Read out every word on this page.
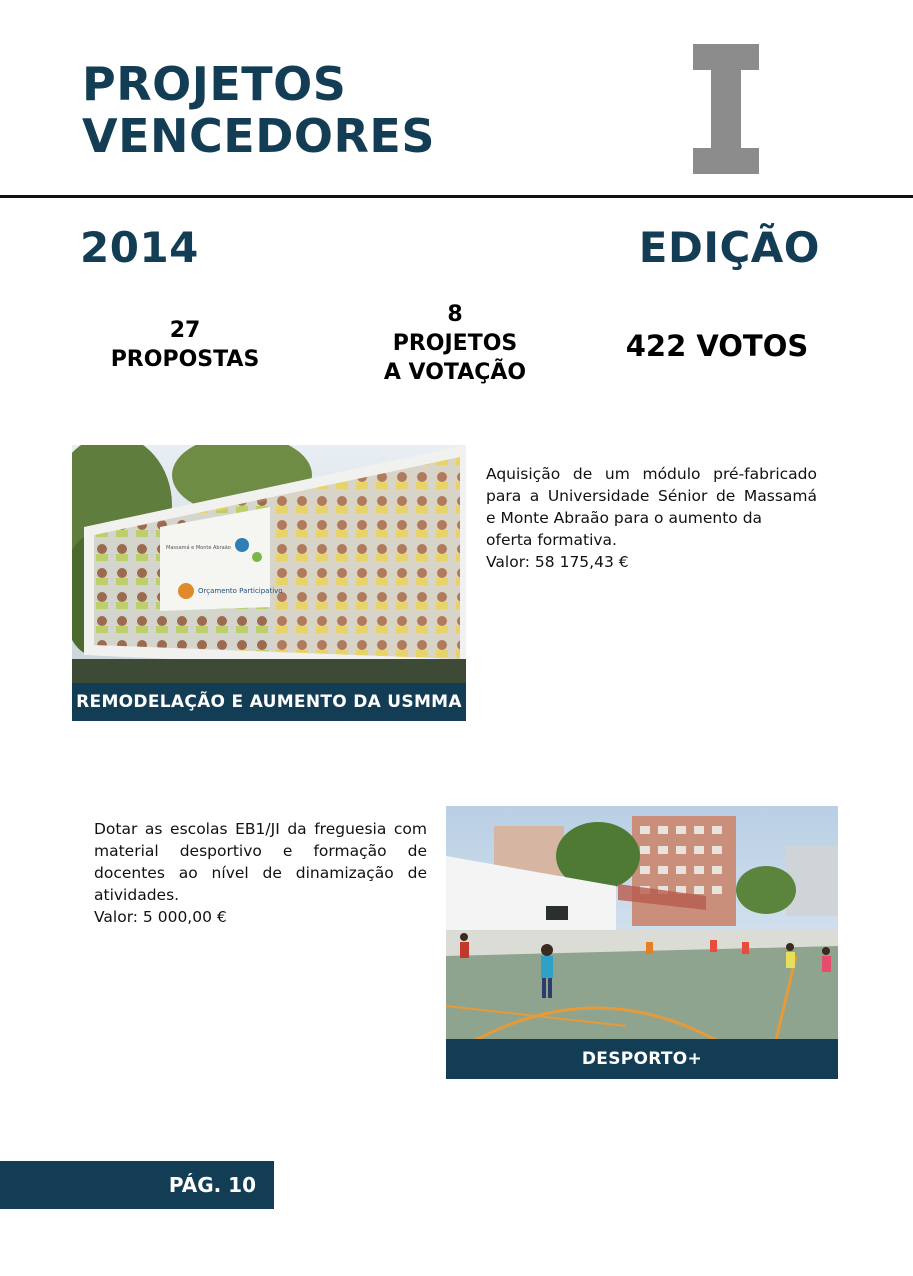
PROJETOS
VENCEDORES
2014	EDIÇÃO
27
PROPOSTAS
8
PROJETOS
A VOTAÇÃO
422 VOTOS
Orçamento Participativo
Massamá e Monte Abraão
REMODELAÇÃO E AUMENTO DA USMMA
Aquisição de um módulo pré-fabricado
para a Universidade Sénior de Massamá
e Monte Abraão para o aumento da
oferta formativa.
Valor: 58 175,43 €
Dotar as escolas EB1/JI da freguesia com
material desportivo e formação de
docentes ao nível de dinamização de
atividades.
Valor: 5 000,00 €
DESPORTO+
PÁG. 10
